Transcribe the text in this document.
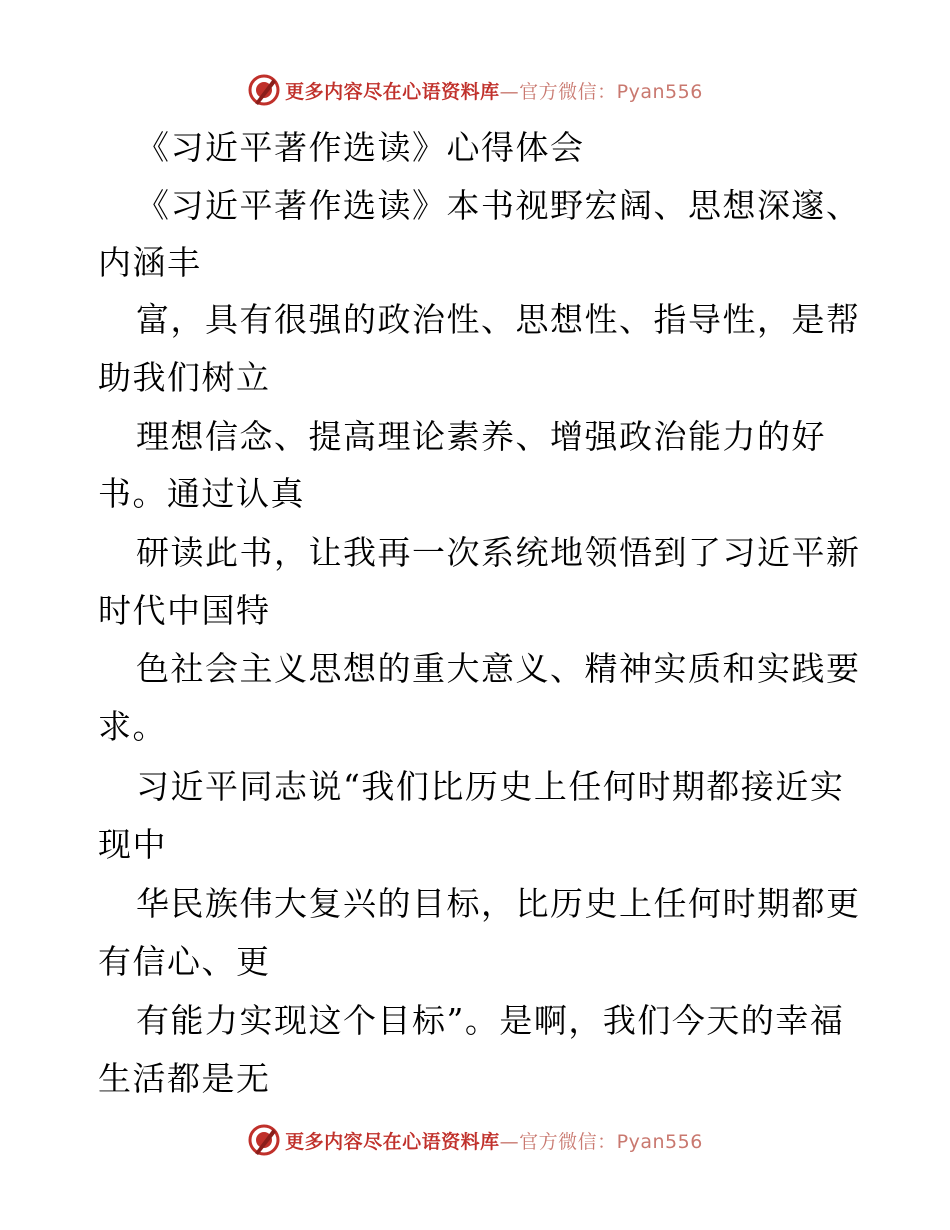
更多内容尽在心语资料库—官方微信：Pyan556
《习近平著作选读》心得体会
《习近平著作选读》本书视野宏阔、思想深邃、
内涵丰
富，具有很强的政治性、思想性、指导性，是帮
助我们树立
理想信念、提高理论素养、增强政治能力的好
书。通过认真
研读此书，让我再一次系统地领悟到了习近平新
时代中国特
色社会主义思想的重大意义、精神实质和实践要
求。
习近平同志说“我们比历史上任何时期都接近实
现中
华民族伟大复兴的目标，比历史上任何时期都更
有信心、更
有能力实现这个目标”。是啊，我们今天的幸福
生活都是无
更多内容尽在心语资料库—官方微信：Pyan556
